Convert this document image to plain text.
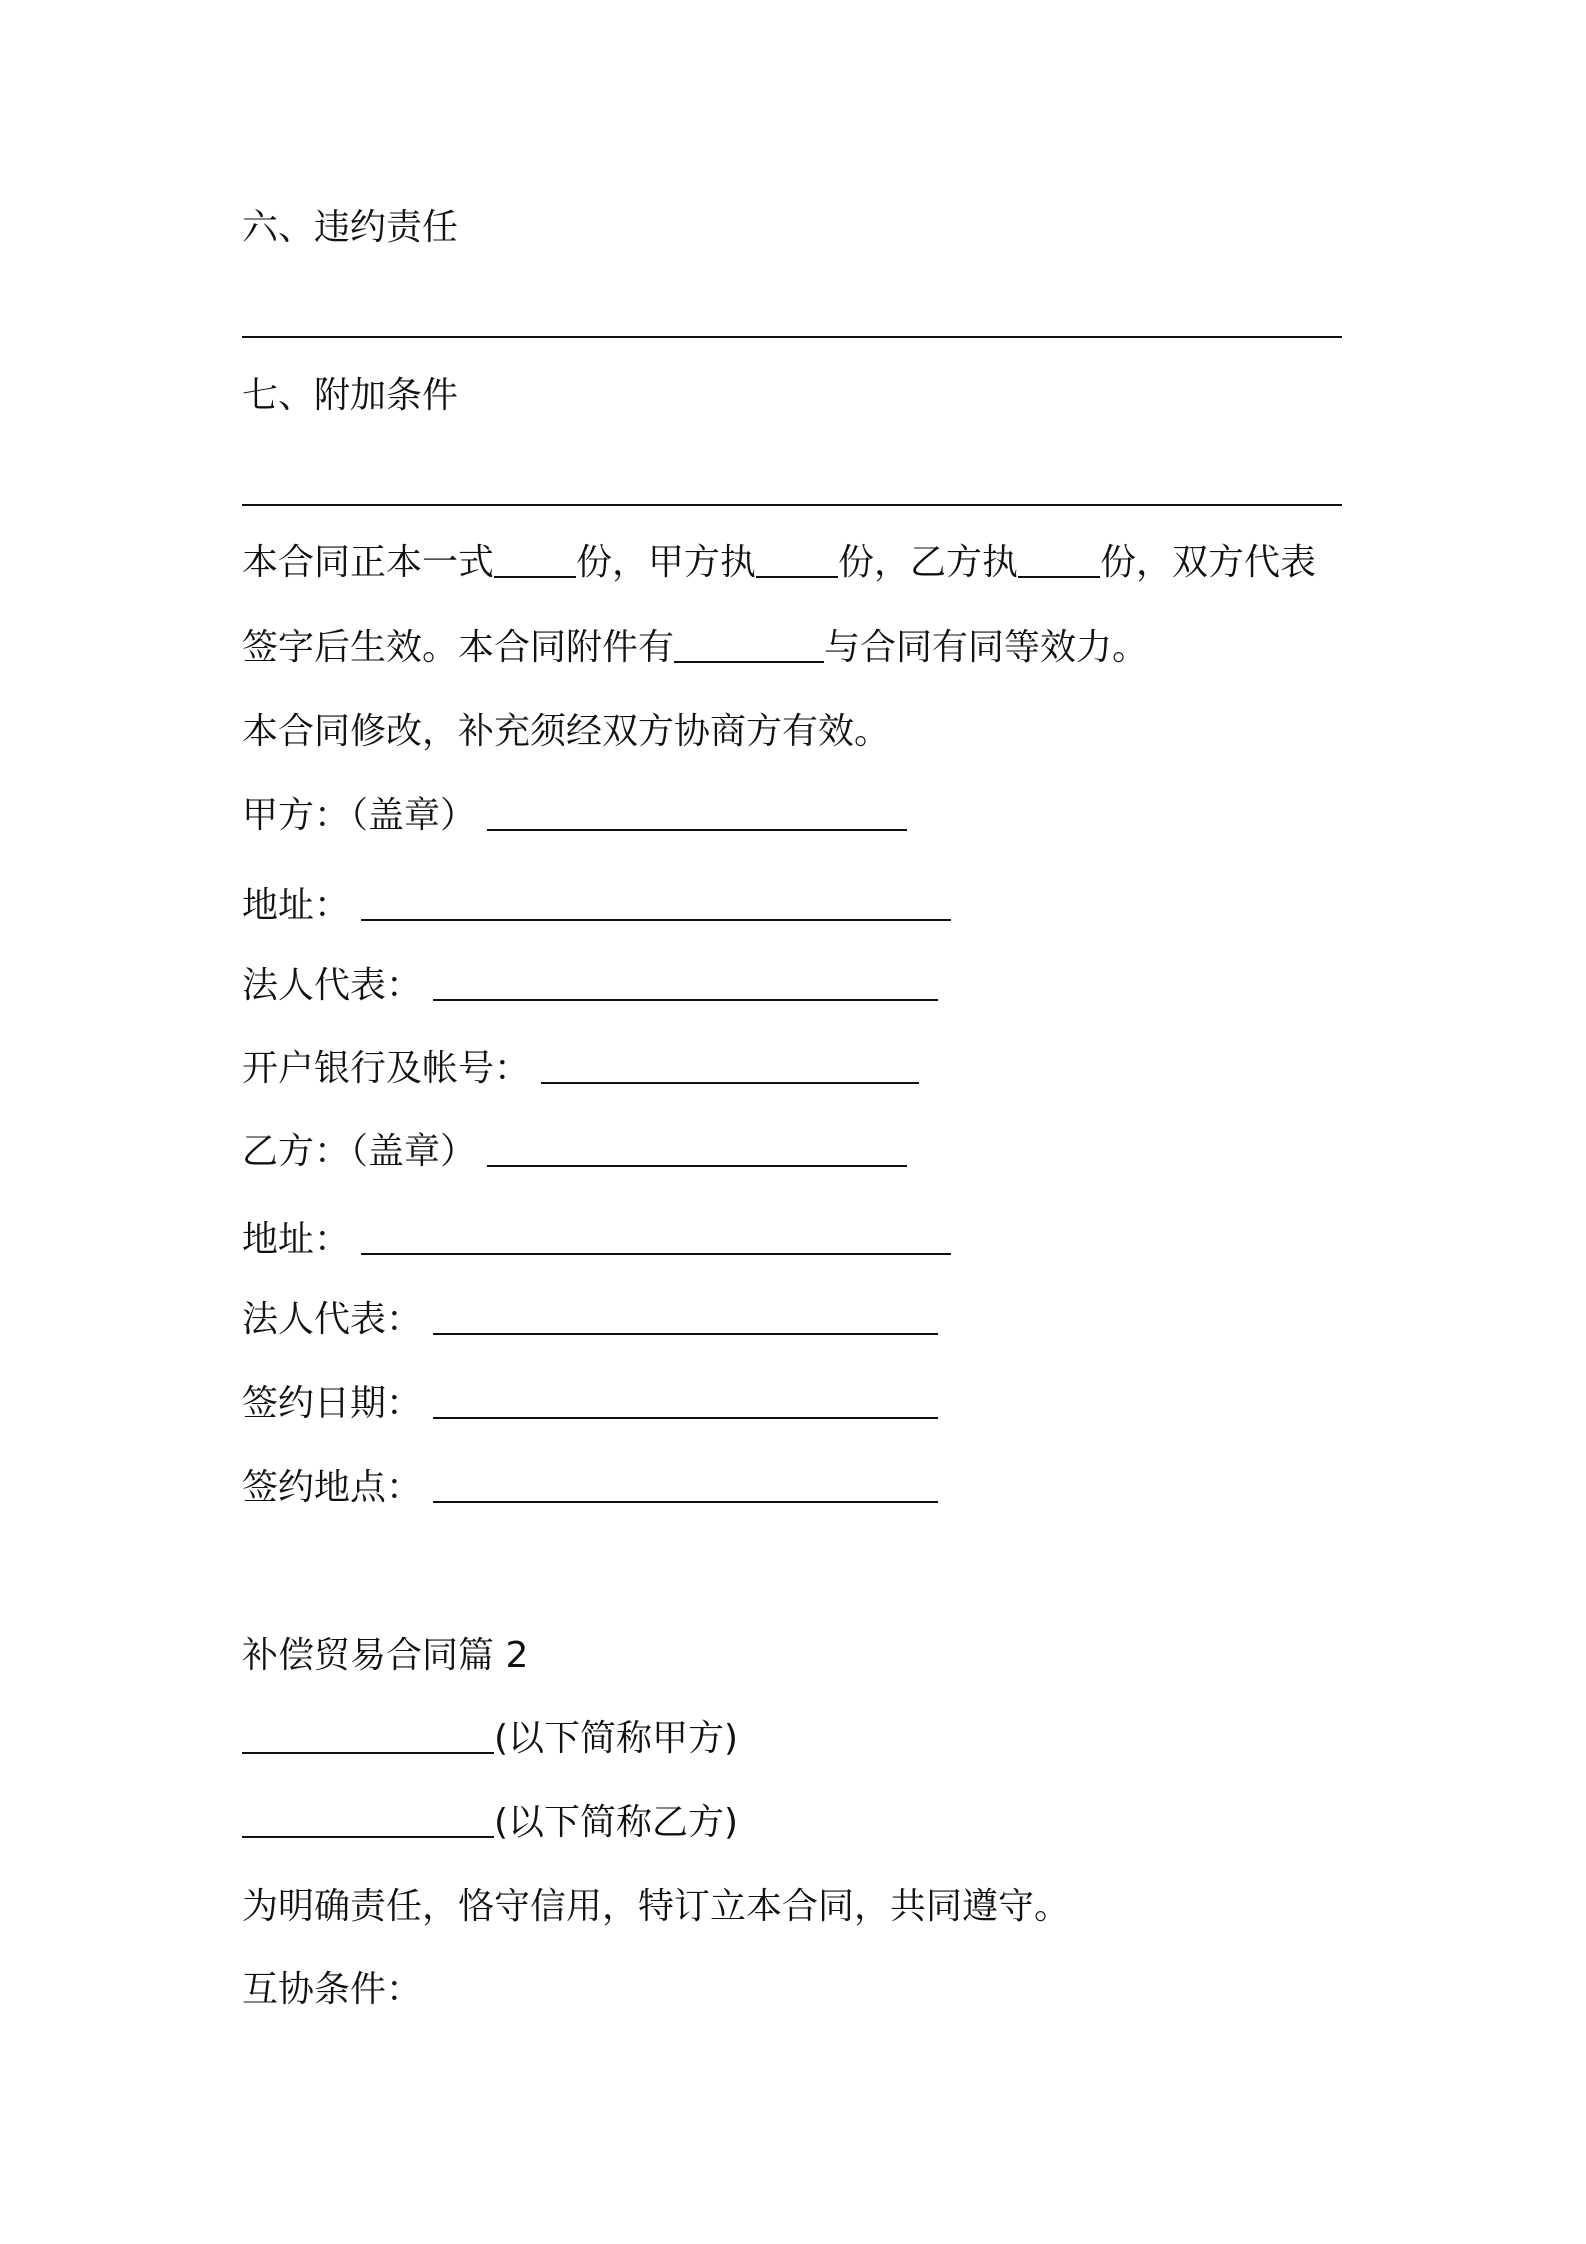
六、违约责任
七、附加条件
本合同正本一式 份，甲方执 份，乙方执 份，双方代表
签字后生效。本合同附件有	与合同有同等效力。
本合同修改，补充须经双方协商方有效。
甲方：（盖章）
地址：
法人代表：
开户银行及帐号：
乙方：（盖章）
地址：
法人代表：
签约日期：
签约地点：
补偿贸易合同篇 2
(以下简称甲方)
(以下简称乙方)
为明确责任，恪守信用，特订立本合同，共同遵守。
互协条件：
